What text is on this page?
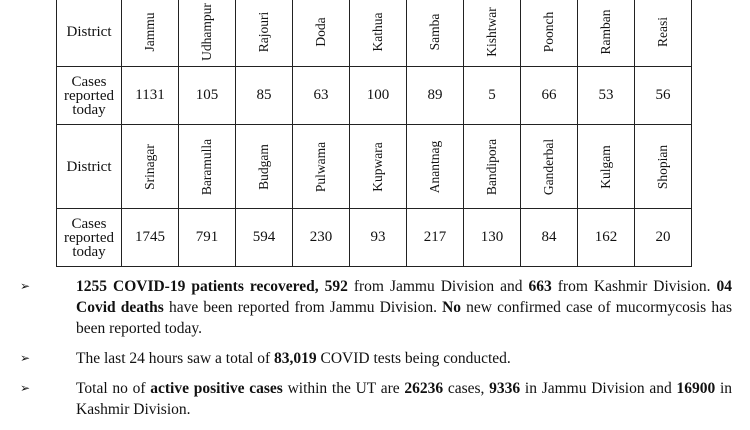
District	Jammu	Udhampur	Rajouri	Doda	Kathua	Samba	Kishtwar	Poonch	Ramban	Reasi

Cases
reported
today	1131	105	85	63	100	89	5	66	53	56
District	Srinagar	Baramulla	Budgam	Pulwama	Kupwara	Anantnag	Bandipora	Ganderbal	Kulgam	Shopian

Cases
reported
today	1745	791	594	230	93	217	130	84	162	20
➢	1255 COVID-19 patients recovered, 592 from Jammu Division and 663 from Kashmir Division. 04 Covid deaths have been reported from Jammu Division. No new confirmed case of mucormycosis has been reported today.
➢	The last 24 hours saw a total of 83,019 COVID tests being conducted.
➢	Total no of active positive cases within the UT are 26236 cases, 9336 in Jammu Division and 16900 in Kashmir Division.
